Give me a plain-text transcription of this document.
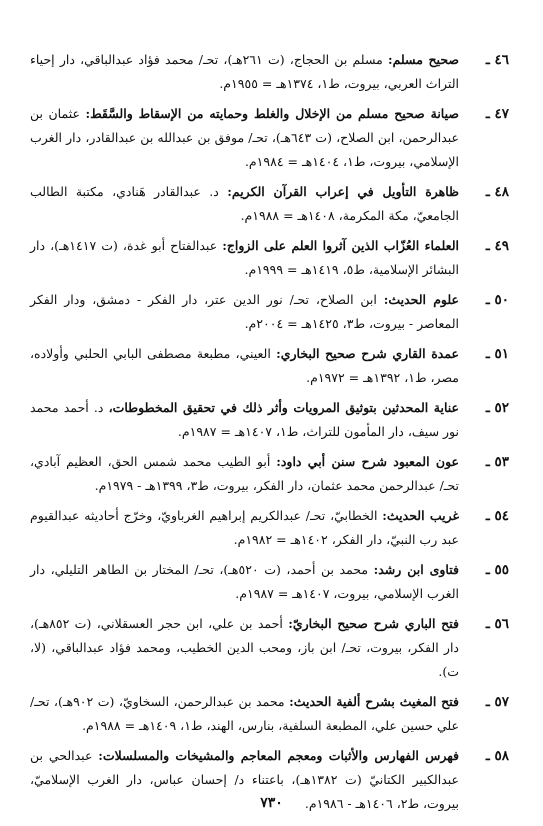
٤٦ ـ
صحيح مسلم: مسلم بن الحجاج، (ت ٢٦١هـ)، تحـ/ محمد فؤاد عبدالباقي، دار إحياء التراث العربي، بيروت، ط١، ١٣٧٤هـ = ١٩٥٥م.
٤٧ ـ
صيانة صحيح مسلم من الإخلال والغلط وحمايته من الإسقاط والسَّقَط: عثمان بن عبدالرحمن، ابن الصلاح، (ت ٦٤٣هـ)، تحـ/ موفق بن عبدالله بن عبدالقادر، دار الغرب الإسلامي، بيروت، ط١، ١٤٠٤هـ = ١٩٨٤م.
٤٨ ـ
ظاهرة التأويل في إعراب القرآن الكريم: د. عبدالقادر هَنادي، مكتبة الطالب الجامعيّ، مكة المكرمة، ١٤٠٨هـ = ١٩٨٨م.
٤٩ ـ
العلماء العُزّاب الذين آثروا العلم على الزواج: عبدالفتاح أبو غدة، (ت ١٤١٧هـ)، دار البشائر الإسلامية، ط٥، ١٤١٩هـ = ١٩٩٩م.
٥٠ ـ
علوم الحديث: ابن الصلاح، تحـ/ نور الدين عتر، دار الفكر - دمشق، ودار الفكر المعاصر - بيروت، ط٣، ١٤٢٥هـ = ٢٠٠٤م.
٥١ ـ
عمدة القاري شرح صحيح البخاري: العيني، مطبعة مصطفى البابي الحلبي وأولاده، مصر، ط١، ١٣٩٢هـ = ١٩٧٢م.
٥٢ ـ
عناية المحدثين بتوثيق المرويات وأثر ذلك في تحقيق المخطوطات، د. أحمد محمد نور سيف، دار المأمون للتراث، ط١، ١٤٠٧هـ = ١٩٨٧م.
٥٣ ـ
عون المعبود شرح سنن أبي داود: أبو الطيب محمد شمس الحق، العظيم آبادي، تحـ/ عبدالرحمن محمد عثمان، دار الفكر، بيروت، ط٣، ١٣٩٩هـ - ١٩٧٩م.
٥٤ ـ
غريب الحديث: الخطابيّ، تحـ/ عبدالكريم إبراهيم الغرباويّ، وخرّج أحاديثه عبدالقيوم عبد رب النبيّ، دار الفكر، ١٤٠٢هـ = ١٩٨٢م.
٥٥ ـ
فتاوى ابن رشد: محمد بن أحمد، (ت ٥٢٠هـ)، تحـ/ المختار بن الطاهر التليلي، دار الغرب الإسلامي، بيروت، ١٤٠٧هـ = ١٩٨٧م.
٥٦ ـ
فتح الباري شرح صحيح البخاريّ: أحمد بن علي، ابن حجر العسقلاني، (ت ٨٥٢هـ)، دار الفكر، بيروت، تحـ/ ابن باز، ومحب الدين الخطيب، ومحمد فؤاد عبدالباقي، (لا، ت).
٥٧ ـ
فتح المغيث بشرح ألفية الحديث: محمد بن عبدالرحمن، السخاويّ، (ت ٩٠٢هـ)، تحـ/ علي حسين علي، المطبعة السلفية، بنارس، الهند، ط١، ١٤٠٩هـ = ١٩٨٨م.
٥٨ ـ
فهرس الفهارس والأثبات ومعجم المعاجم والمشيخات والمسلسلات: عبدالحي بن عبدالكبير الكتانيّ (ت ١٣٨٢هـ)، باعتناء د/ إحسان عباس، دار الغرب الإسلاميّ، بيروت، ط٢، ١٤٠٦هـ - ١٩٨٦م.
٧٣٠
